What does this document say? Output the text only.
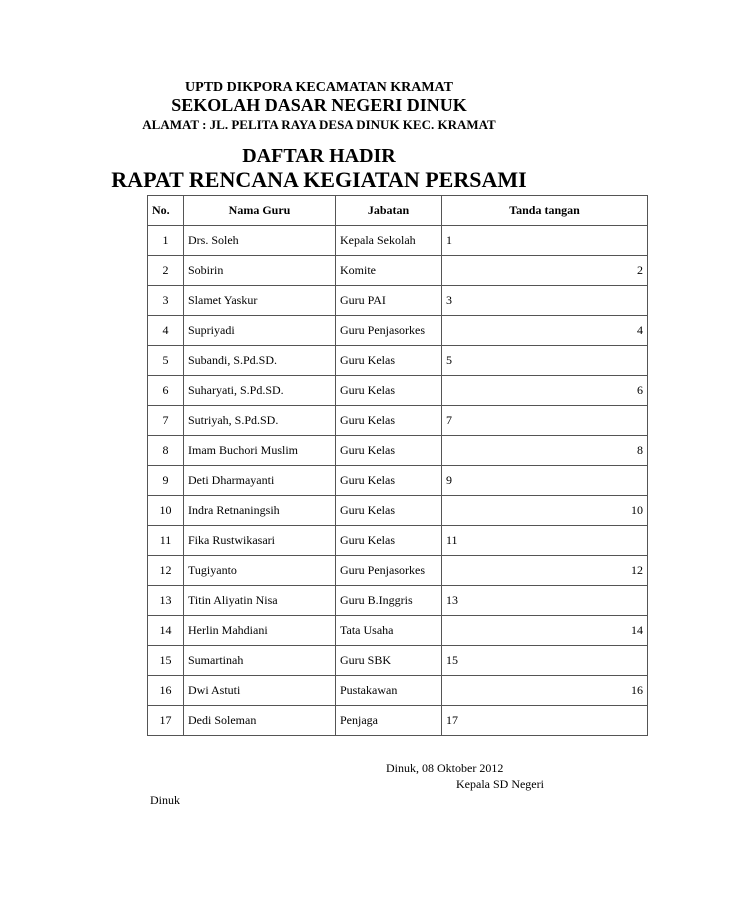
UPTD DIKPORA KECAMATAN KRAMAT
SEKOLAH DASAR NEGERI DINUK
ALAMAT : JL. PELITA RAYA DESA DINUK KEC. KRAMAT
DAFTAR HADIR
RAPAT RENCANA KEGIATAN PERSAMI
No.	Nama Guru	Jabatan	Tanda tangan
1	Drs. Soleh	Kepala Sekolah	1

2	Sobirin	Komite	2

3	Slamet Yaskur	Guru PAI	3

4	Supriyadi	Guru Penjasorkes	4

5	Subandi, S.Pd.SD.	Guru Kelas	5

6	Suharyati, S.Pd.SD.	Guru Kelas	6

7	Sutriyah, S.Pd.SD.	Guru Kelas	7

8	Imam Buchori Muslim	Guru Kelas	8

9	Deti Dharmayanti	Guru Kelas	9

10	Indra Retnaningsih	Guru Kelas	10

11	Fika Rustwikasari	Guru Kelas	11

12	Tugiyanto	Guru Penjasorkes	12

13	Titin Aliyatin Nisa	Guru B.Inggris	13

14	Herlin Mahdiani	Tata Usaha	14

15	Sumartinah	Guru SBK	15

16	Dwi Astuti	Pustakawan	16

17	Dedi Soleman	Penjaga	17
Dinuk, 08 Oktober 2012
Kepala SD Negeri
Dinuk
